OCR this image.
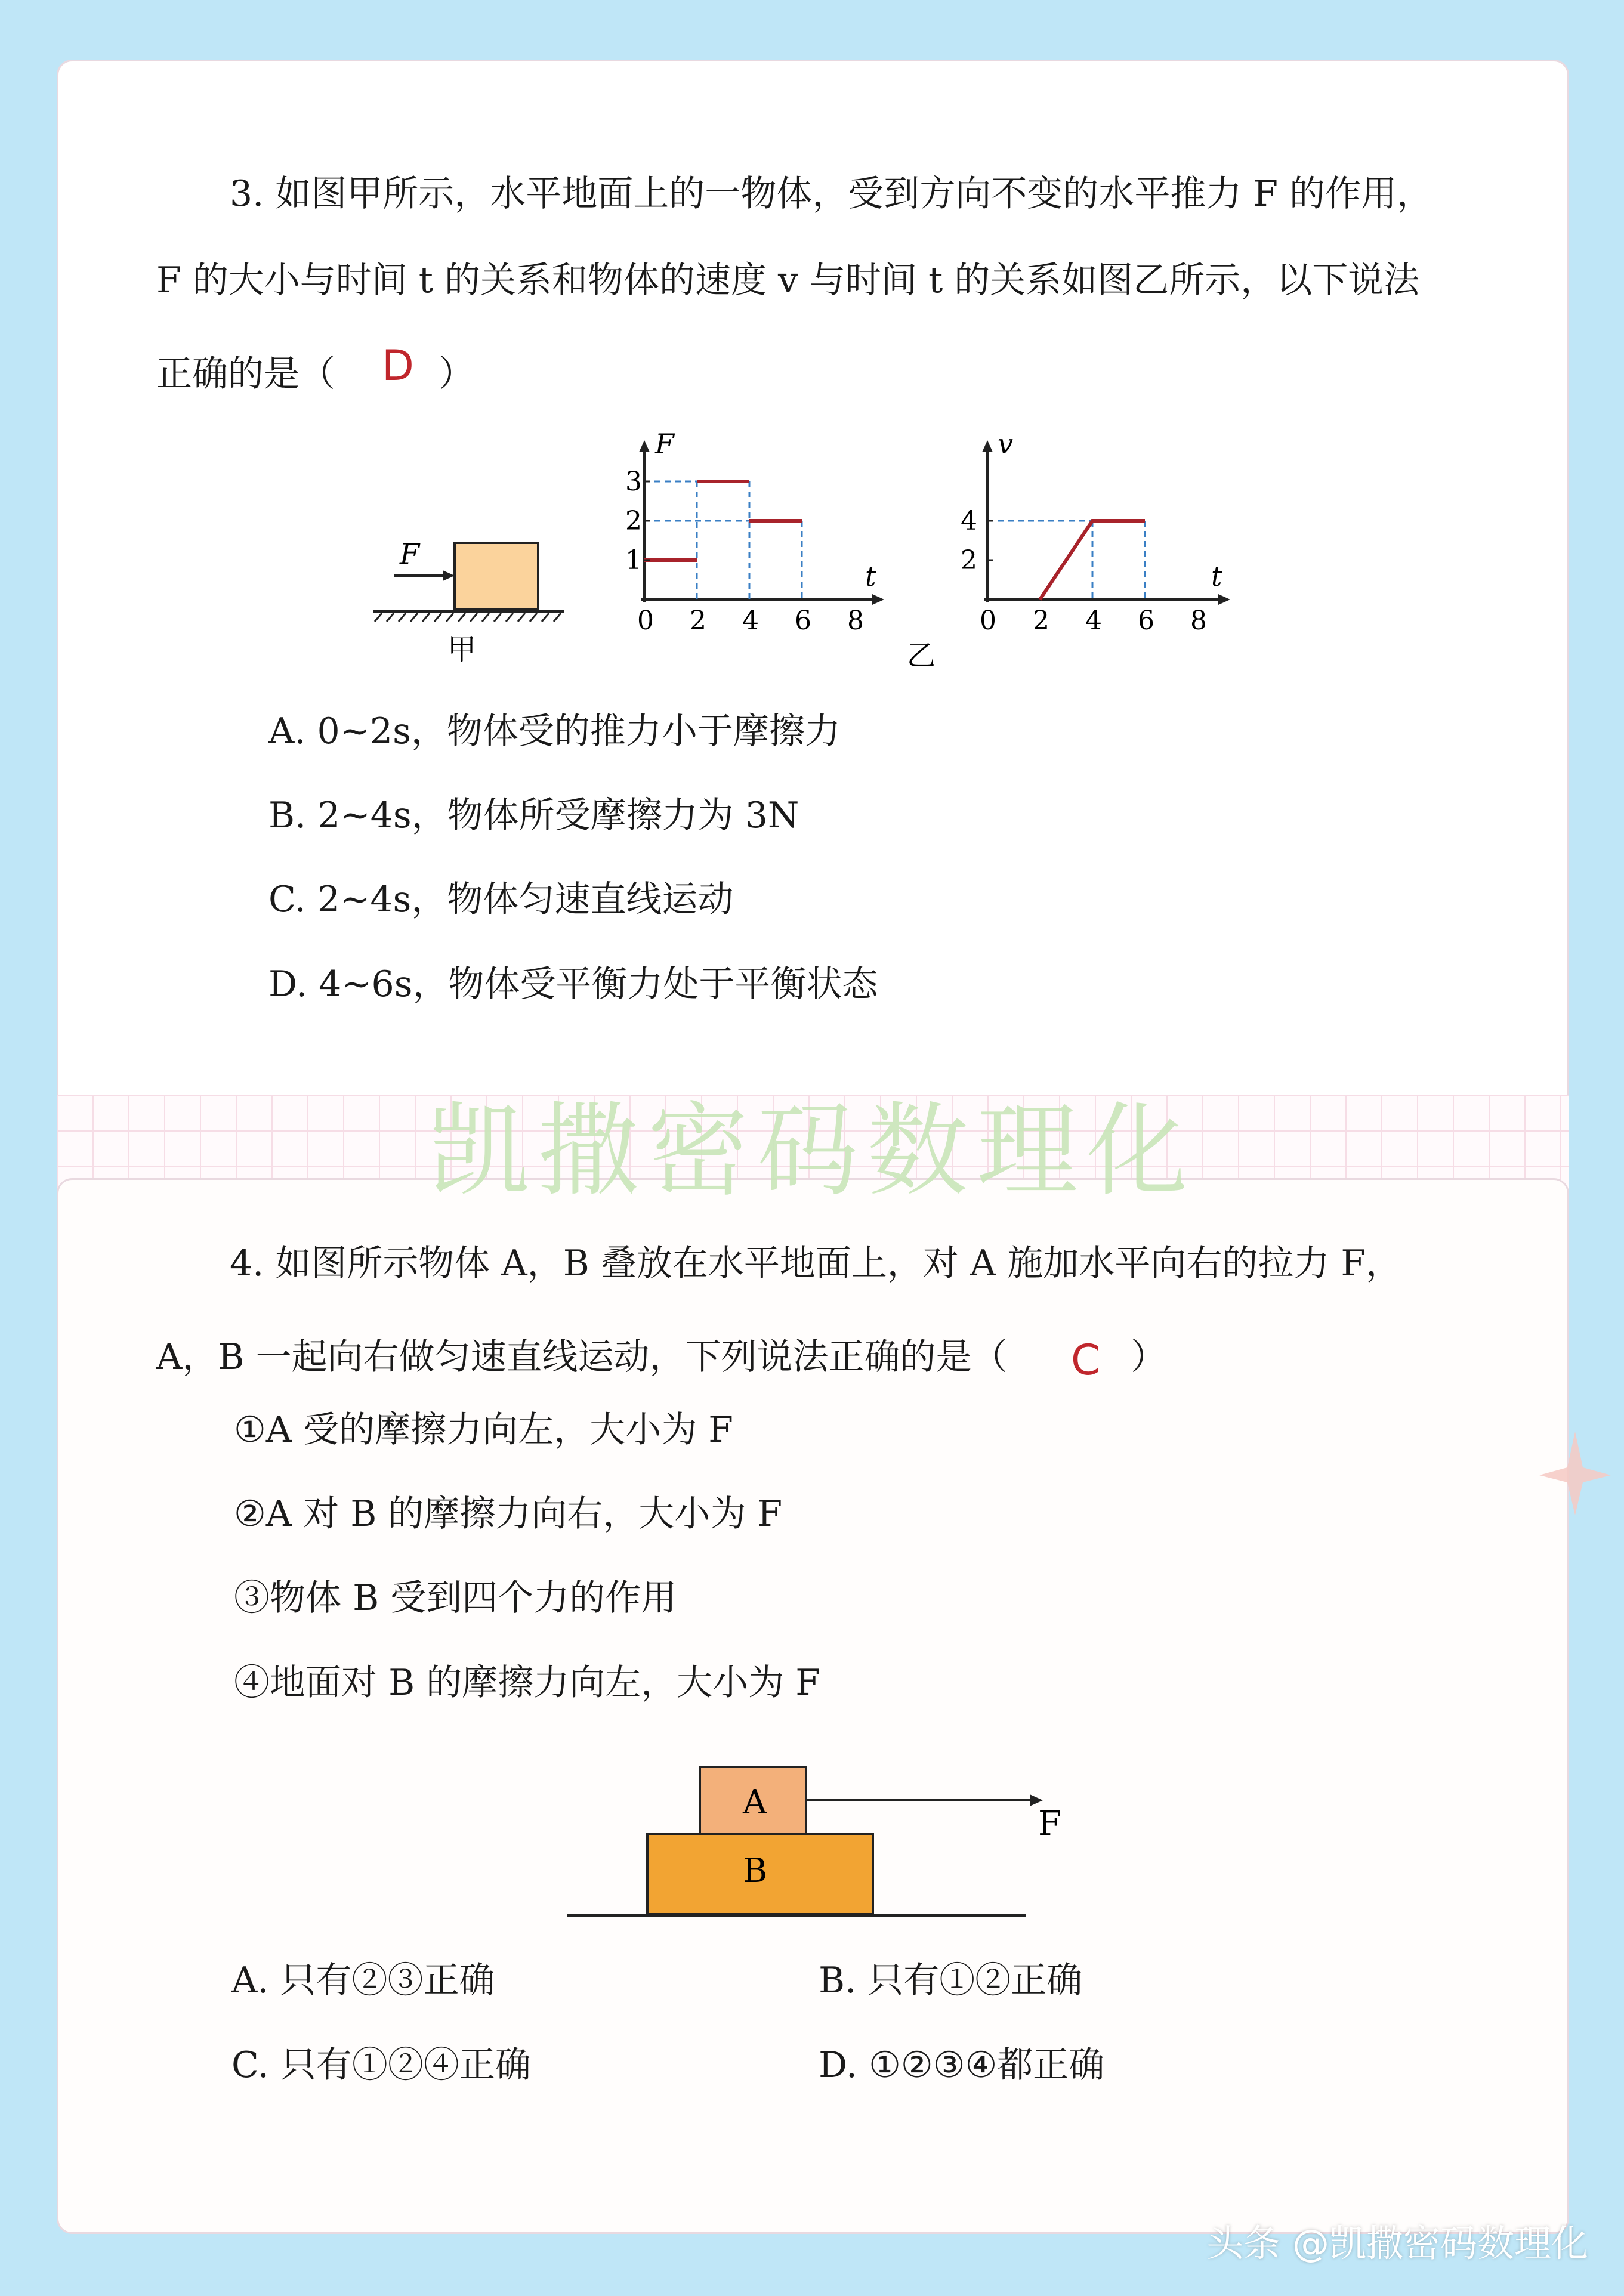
3. 如图甲所示，水平地面上的一物体，受到方向不变的水平推力 F 的作用，
F 的大小与时间 t 的关系和物体的速度 v 与时间 t 的关系如图乙所示，以下说法
正确的是（ D ）
F
甲
F
t
1
2
3
0 2 4 6 8
乙
v
t
2
4
0 2 4 6 8
A. 0~2s，物体受的推力小于摩擦力
B. 2~4s，物体所受摩擦力为 3N
C. 2~4s，物体匀速直线运动
D. 4~6s，物体受平衡力处于平衡状态
凯撒密码数理化
4. 如图所示物体 A，B 叠放在水平地面上，对 A 施加水平向右的拉力 F，
A，B 一起向右做匀速直线运动，下列说法正确的是（ C ）
①A 受的摩擦力向左，大小为 F
②A 对 B 的摩擦力向右，大小为 F
③物体 B 受到四个力的作用
④地面对 B 的摩擦力向左，大小为 F
A
B
F
A. 只有②③正确	B. 只有①②正确
C. 只有①②④正确	D. ①②③④都正确
头条 @凯撒密码数理化
